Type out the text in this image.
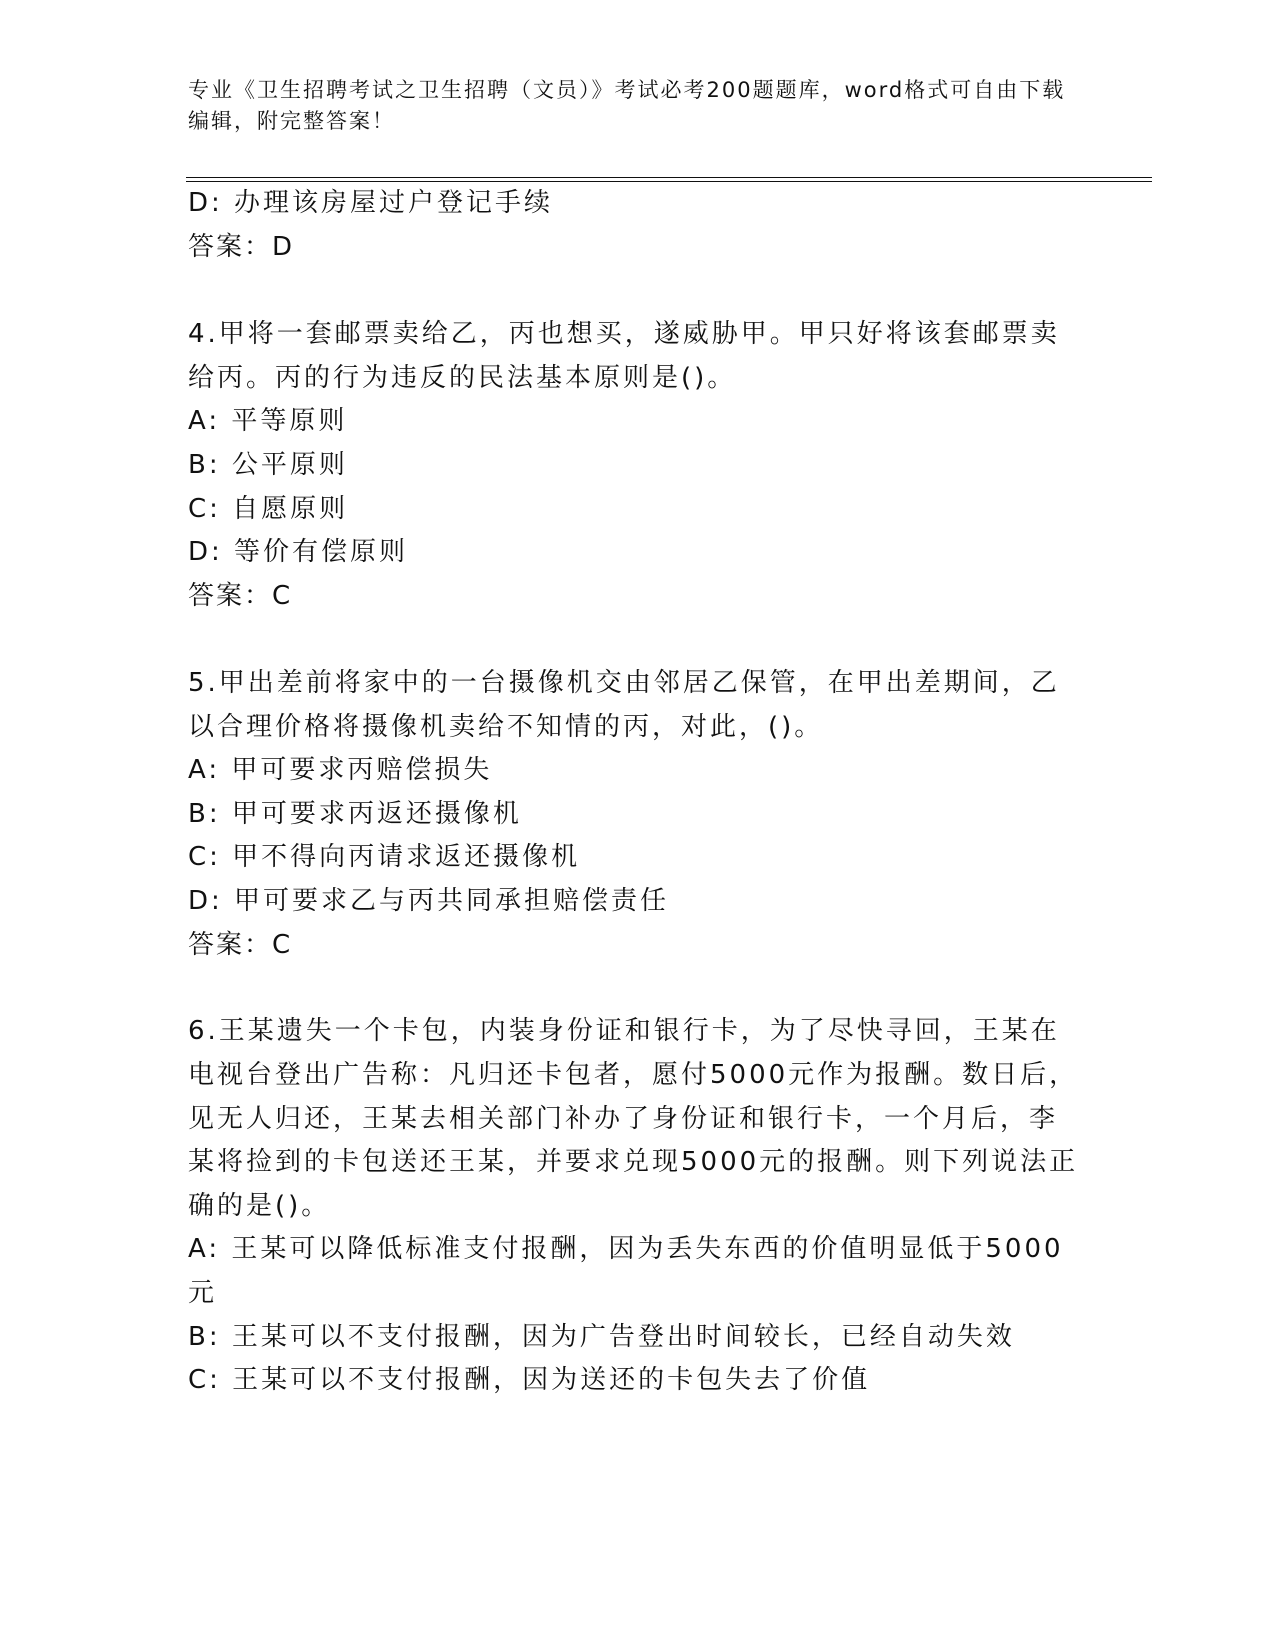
专业《卫生招聘考试之卫生招聘（文员）》考试必考200题题库，word格式可自由下载编辑，附完整答案！
D: 办理该房屋过户登记手续
答案：D
4.甲将一套邮票卖给乙，丙也想买，遂威胁甲。甲只好将该套邮票卖
给丙。丙的行为违反的民法基本原则是()。
A: 平等原则
B: 公平原则
C: 自愿原则
D: 等价有偿原则
答案：C
5.甲出差前将家中的一台摄像机交由邻居乙保管，在甲出差期间，乙
以合理价格将摄像机卖给不知情的丙，对此，()。
A: 甲可要求丙赔偿损失
B: 甲可要求丙返还摄像机
C: 甲不得向丙请求返还摄像机
D: 甲可要求乙与丙共同承担赔偿责任
答案：C
6.王某遗失一个卡包，内装身份证和银行卡，为了尽快寻回，王某在
电视台登出广告称：凡归还卡包者，愿付5000元作为报酬。数日后，
见无人归还，王某去相关部门补办了身份证和银行卡，一个月后，李
某将捡到的卡包送还王某，并要求兑现5000元的报酬。则下列说法正
确的是()。
A: 王某可以降低标准支付报酬，因为丢失东西的价值明显低于5000
元
B: 王某可以不支付报酬，因为广告登出时间较长，已经自动失效
C: 王某可以不支付报酬，因为送还的卡包失去了价值
